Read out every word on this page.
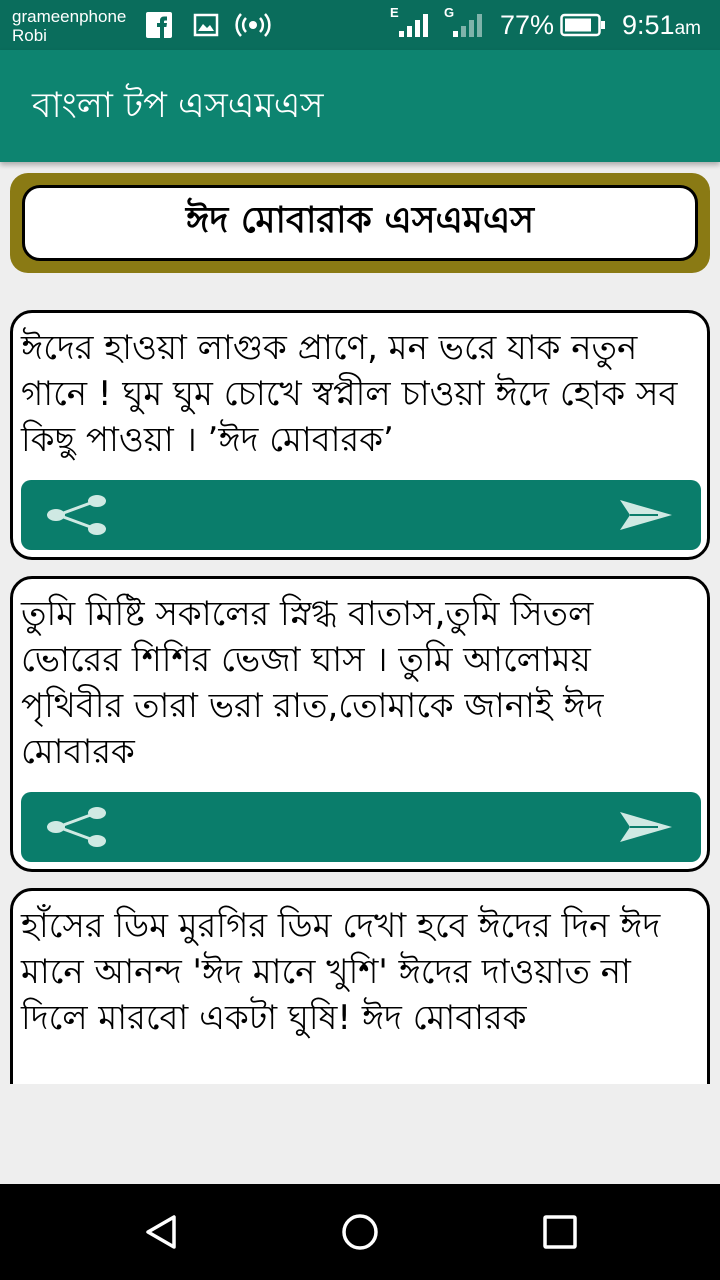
grameenphone
Robi
E	G 77%	9:51am
বাংলা টপ এসএমএস
ঈদ মোবারাক এসএমএস
ঈদের হাওয়া লাগুক প্রাণে, মন ভরে যাক নতুন গানে ! ঘুম ঘুম চোখে স্বপ্নীল চাওয়া ঈদে হোক সব কিছু পাওয়া । ’ঈদ মোবারক’
তুমি মিষ্টি সকালের স্নিগ্ধ বাতাস,তুমি সিতল ভোরের শিশির ভেজা ঘাস । তুমি আলোময় পৃথিবীর তারা ভরা রাত,তোমাকে জানাই ঈদ মোবারক
হাঁসের ডিম মুরগির ডিম দেখা হবে ঈদের দিন ঈদ মানে আনন্দ 'ঈদ মানে খুশি' ঈদের দাওয়াত না দিলে মারবো একটা ঘুষি! ঈদ মোবারক
